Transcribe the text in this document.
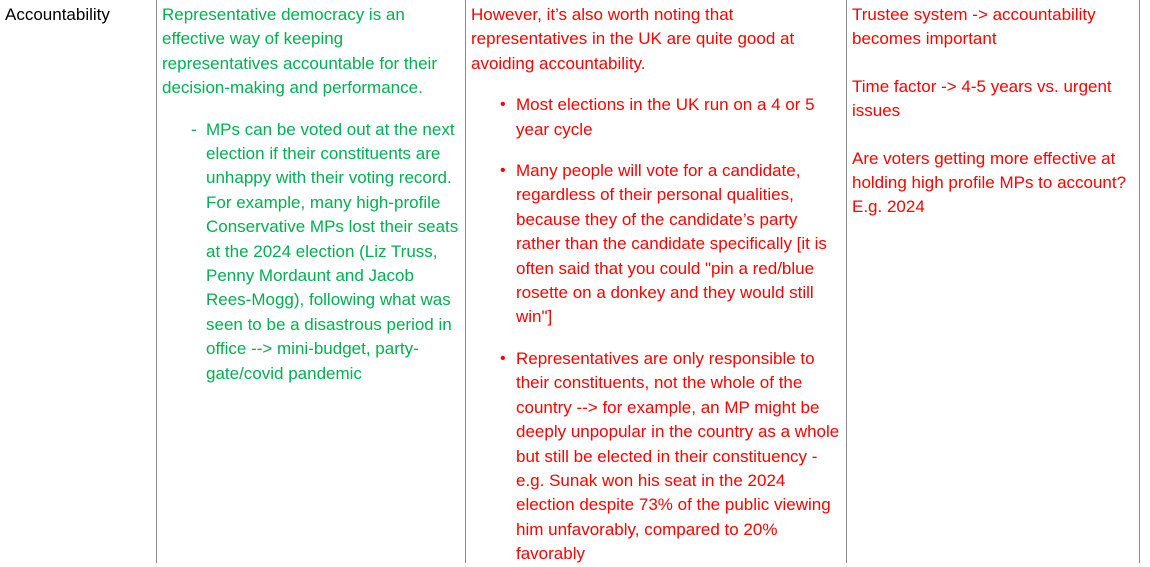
Accountability	Representative democracy is an effective way of keeping representatives accountable for their decision-making and performance.

- MPs can be voted out at the next election if their constituents are unhappy with their voting record. For example, many high-profile Conservative MPs lost their seats at the 2024 election (Liz Truss, Penny Mordaunt and Jacob Rees-Mogg), following what was seen to be a disastrous period in office --> mini-budget, party-gate/covid pandemic

However, it’s also worth noting that representatives in the UK are quite good at avoiding accountability.

• Most elections in the UK run on a 4 or 5 year cycle
• Many people will vote for a candidate, regardless of their personal qualities, because they of the candidate’s party rather than the candidate specifically [it is often said that you could "pin a red/blue rosette on a donkey and they would still win"]
• Representatives are only responsible to their constituents, not the whole of the country --> for example, an MP might be deeply unpopular in the country as a whole but still be elected in their constituency - e.g. Sunak won his seat in the 2024 election despite 73% of the public viewing him unfavorably, compared to 20% favorably

Trustee system -> accountability becomes important

Time factor -> 4-5 years vs. urgent issues

Are voters getting more effective at holding high profile MPs to account? E.g. 2024
